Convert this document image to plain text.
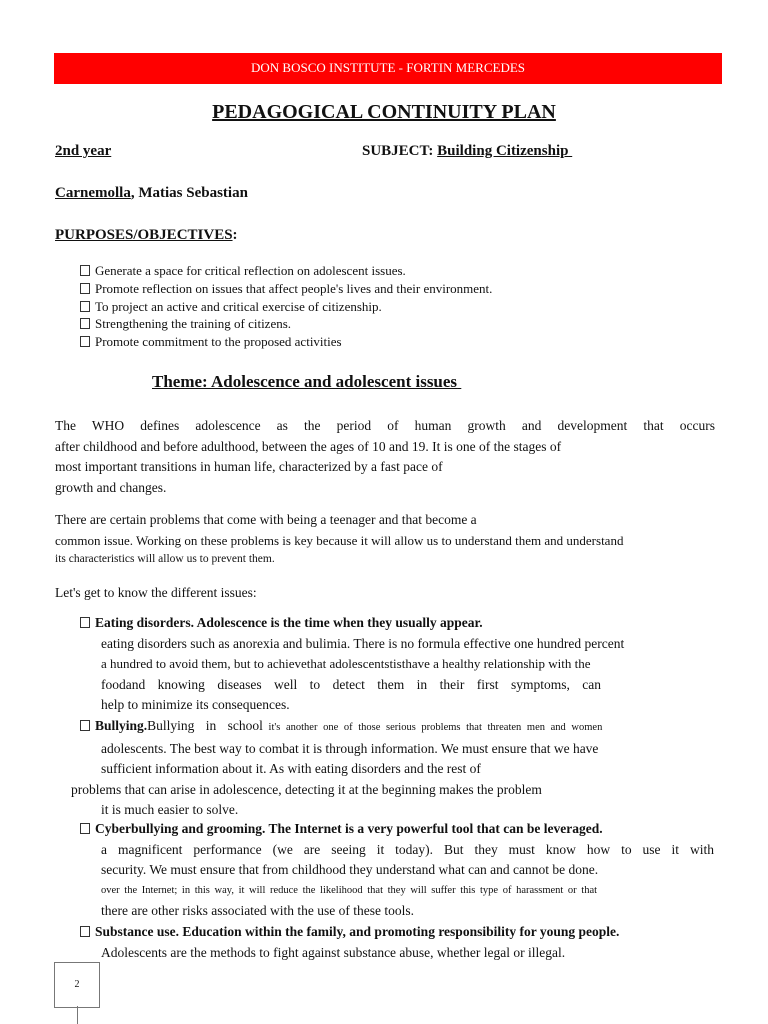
DON BOSCO INSTITUTE - FORTIN MERCEDES
PEDAGOGICAL CONTINUITY PLAN
2nd year	SUBJECT: Building Citizenship
Carnemolla, Matias Sebastian
PURPOSES/OBJECTIVES:
Generate a space for critical reflection on adolescent issues.
Promote reflection on issues that affect people's lives and their environment.
To project an active and critical exercise of citizenship.
Strengthening the training of citizens.
Promote commitment to the proposed activities
Theme: Adolescence and adolescent issues
The WHO defines adolescence as the period of human growth and development that occurs
after childhood and before adulthood, between the ages of 10 and 19. It is one of the stages of
most important transitions in human life, characterized by a fast pace of
growth and changes.
There are certain problems that come with being a teenager and that become a
common issue. Working on these problems is key because it will allow us to understand them and understand
its characteristics will allow us to prevent them.
Let's get to know the different issues:
Eating disorders. Adolescence is the time when they usually appear.
eating disorders such as anorexia and bulimia. There is no formula effective one hundred percent
a hundred to avoid them, but to achievethat adolescentstisthave a healthy relationship with the
foodand knowing diseases well to detect them in their first symptoms, can
help to minimize its consequences.
Bullying.Bullying in school it's another one of those serious problems that threaten men and women
adolescents. The best way to combat it is through information. We must ensure that we have
sufficient information about it. As with eating disorders and the rest of
problems that can arise in adolescence, detecting it at the beginning makes the problem
it is much easier to solve.
Cyberbullying and grooming. The Internet is a very powerful tool that can be leveraged.
a magnificent performance (we are seeing it today). But they must know how to use it with
security. We must ensure that from childhood they understand what can and cannot be done.
over the Internet; in this way, it will reduce the likelihood that they will suffer this type of harassment or that
there are other risks associated with the use of these tools.
Substance use. Education within the family, and promoting responsibility for young people.
Adolescents are the methods to fight against substance abuse, whether legal or illegal.
2
